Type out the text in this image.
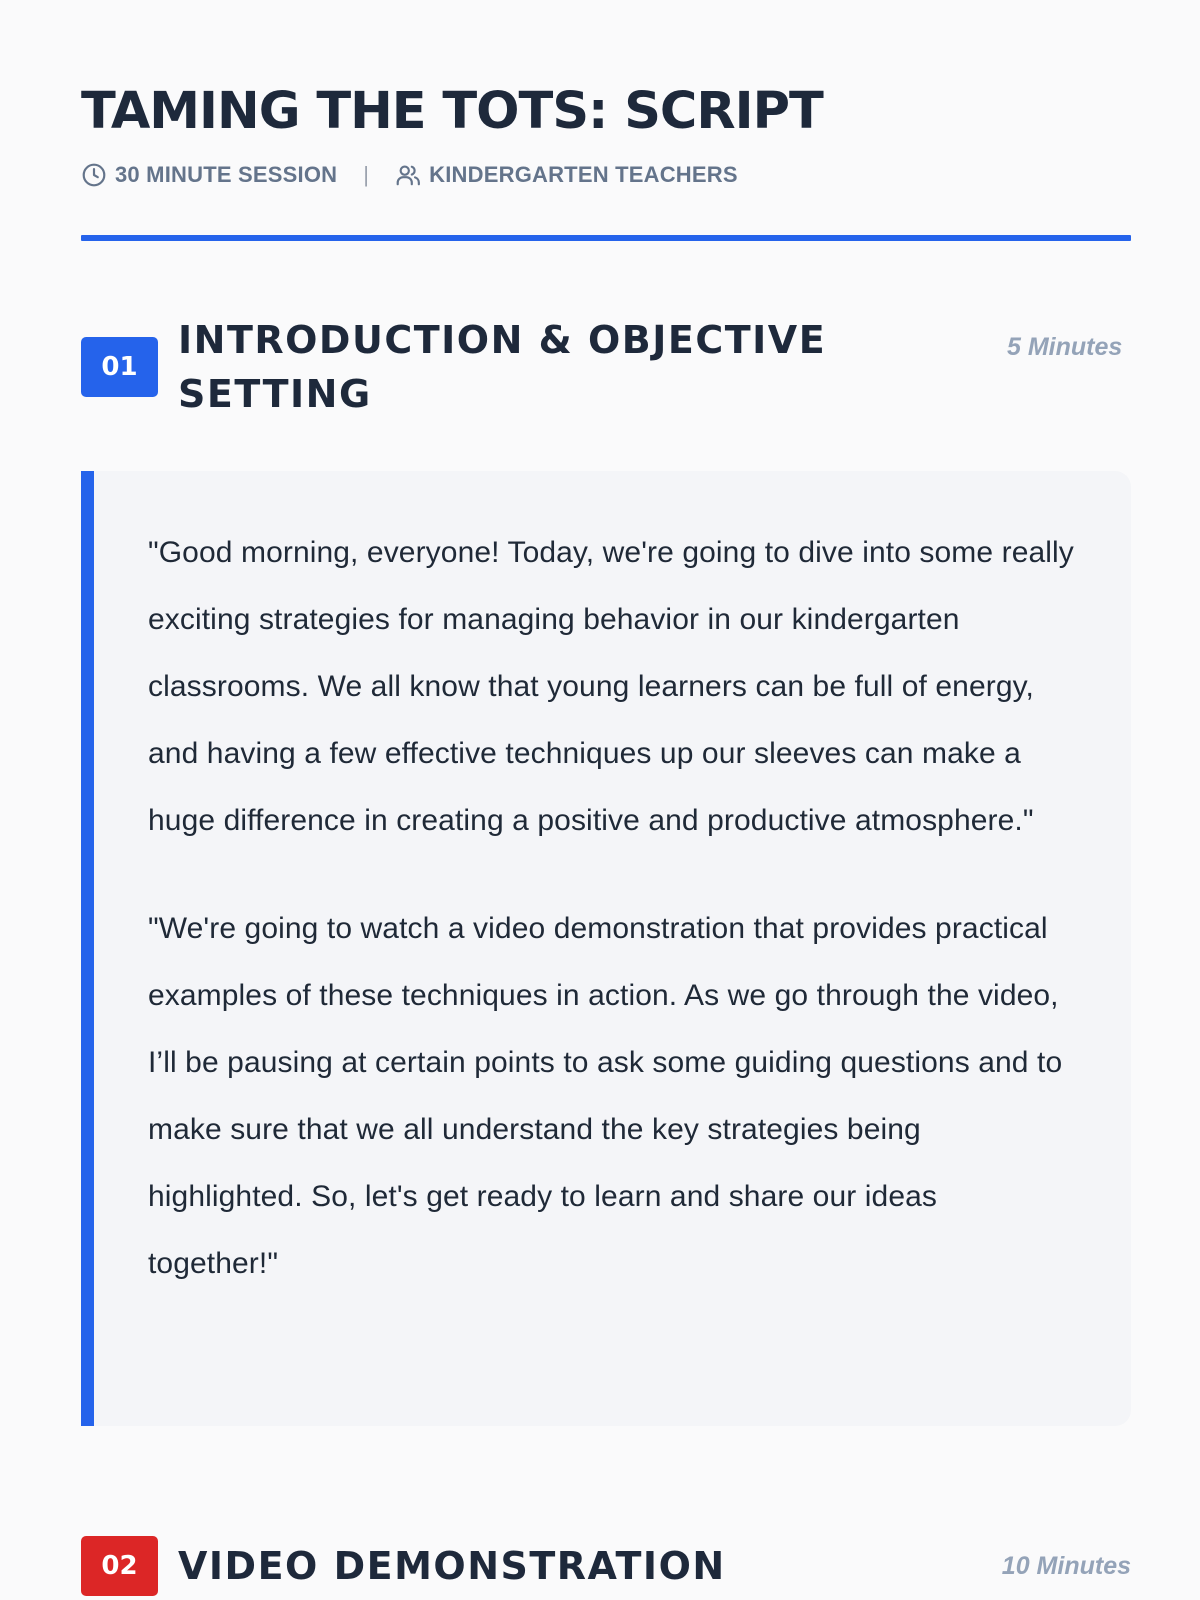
TAMING THE TOTS: SCRIPT
30 MINUTE SESSION |	KINDERGARTEN TEACHERS
01
INTRODUCTION & OBJECTIVE SETTING
5 Minutes

"Good morning, everyone! Today, we're going to dive into some really exciting strategies for managing behavior in our kindergarten classrooms. We all know that young learners can be full of energy, and having a few effective techniques up our sleeves can make a huge difference in creating a positive and productive atmosphere."

"We're going to watch a video demonstration that provides practical examples of these techniques in action. As we go through the video, I’ll be pausing at certain points to ask some guiding questions and to make sure that we all understand the key strategies being highlighted. So, let's get ready to learn and share our ideas together!"

02	VIDEO DEMONSTRATION	10 Minutes
